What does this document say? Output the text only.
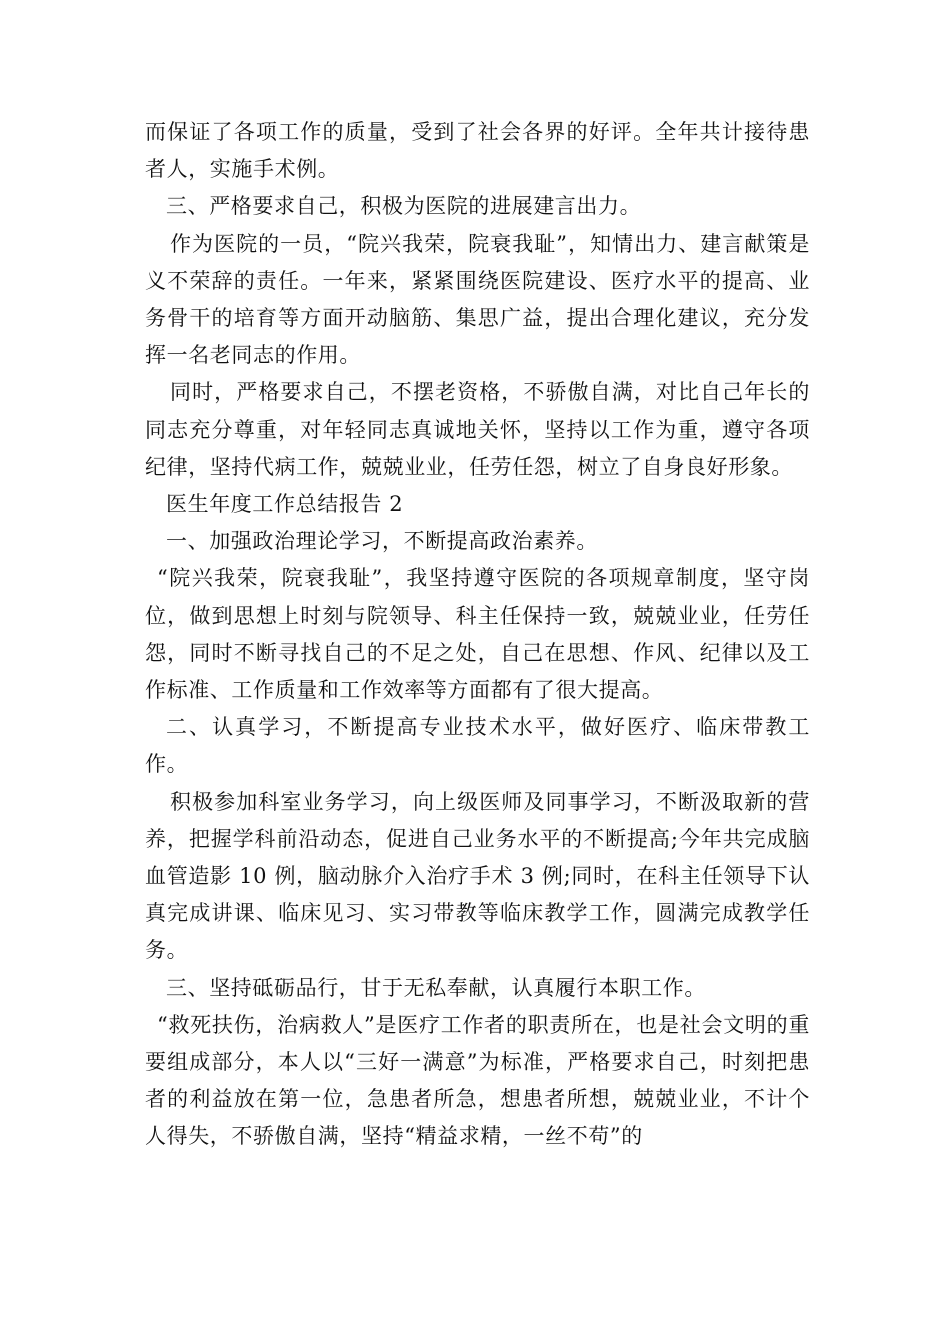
而保证了各项工作的质量，受到了社会各界的好评。全年共计接待患者人，实施手术例。

三、严格要求自己，积极为医院的进展建言出力。

作为医院的一员，“院兴我荣，院衰我耻”，知情出力、建言献策是义不荣辞的责任。一年来，紧紧围绕医院建设、医疗水平的提高、业务骨干的培育等方面开动脑筋、集思广益，提出合理化建议，充分发挥一名老同志的作用。

同时，严格要求自己，不摆老资格，不骄傲自满，对比自己年长的同志充分尊重，对年轻同志真诚地关怀，坚持以工作为重，遵守各项纪律，坚持代病工作，兢兢业业，任劳任怨，树立了自身良好形象。

医生年度工作总结报告 2

一、加强政治理论学习，不断提高政治素养。

“院兴我荣，院衰我耻”，我坚持遵守医院的各项规章制度，坚守岗位，做到思想上时刻与院领导、科主任保持一致，兢兢业业，任劳任怨，同时不断寻找自己的不足之处，自己在思想、作风、纪律以及工作标准、工作质量和工作效率等方面都有了很大提高。

二、认真学习，不断提高专业技术水平，做好医疗、临床带教工作。

积极参加科室业务学习，向上级医师及同事学习，不断汲取新的营养，把握学科前沿动态，促进自己业务水平的不断提高;今年共完成脑血管造影 10 例，脑动脉介入治疗手术 3 例;同时，在科主任领导下认真完成讲课、临床见习、实习带教等临床教学工作，圆满完成教学任务。

三、坚持砥砺品行，甘于无私奉献，认真履行本职工作。

“救死扶伤，治病救人”是医疗工作者的职责所在，也是社会文明的重要组成部分，本人以“三好一满意”为标准，严格要求自己，时刻把患者的利益放在第一位，急患者所急，想患者所想，兢兢业业，不计个人得失，不骄傲自满，坚持“精益求精，一丝不苟”的
